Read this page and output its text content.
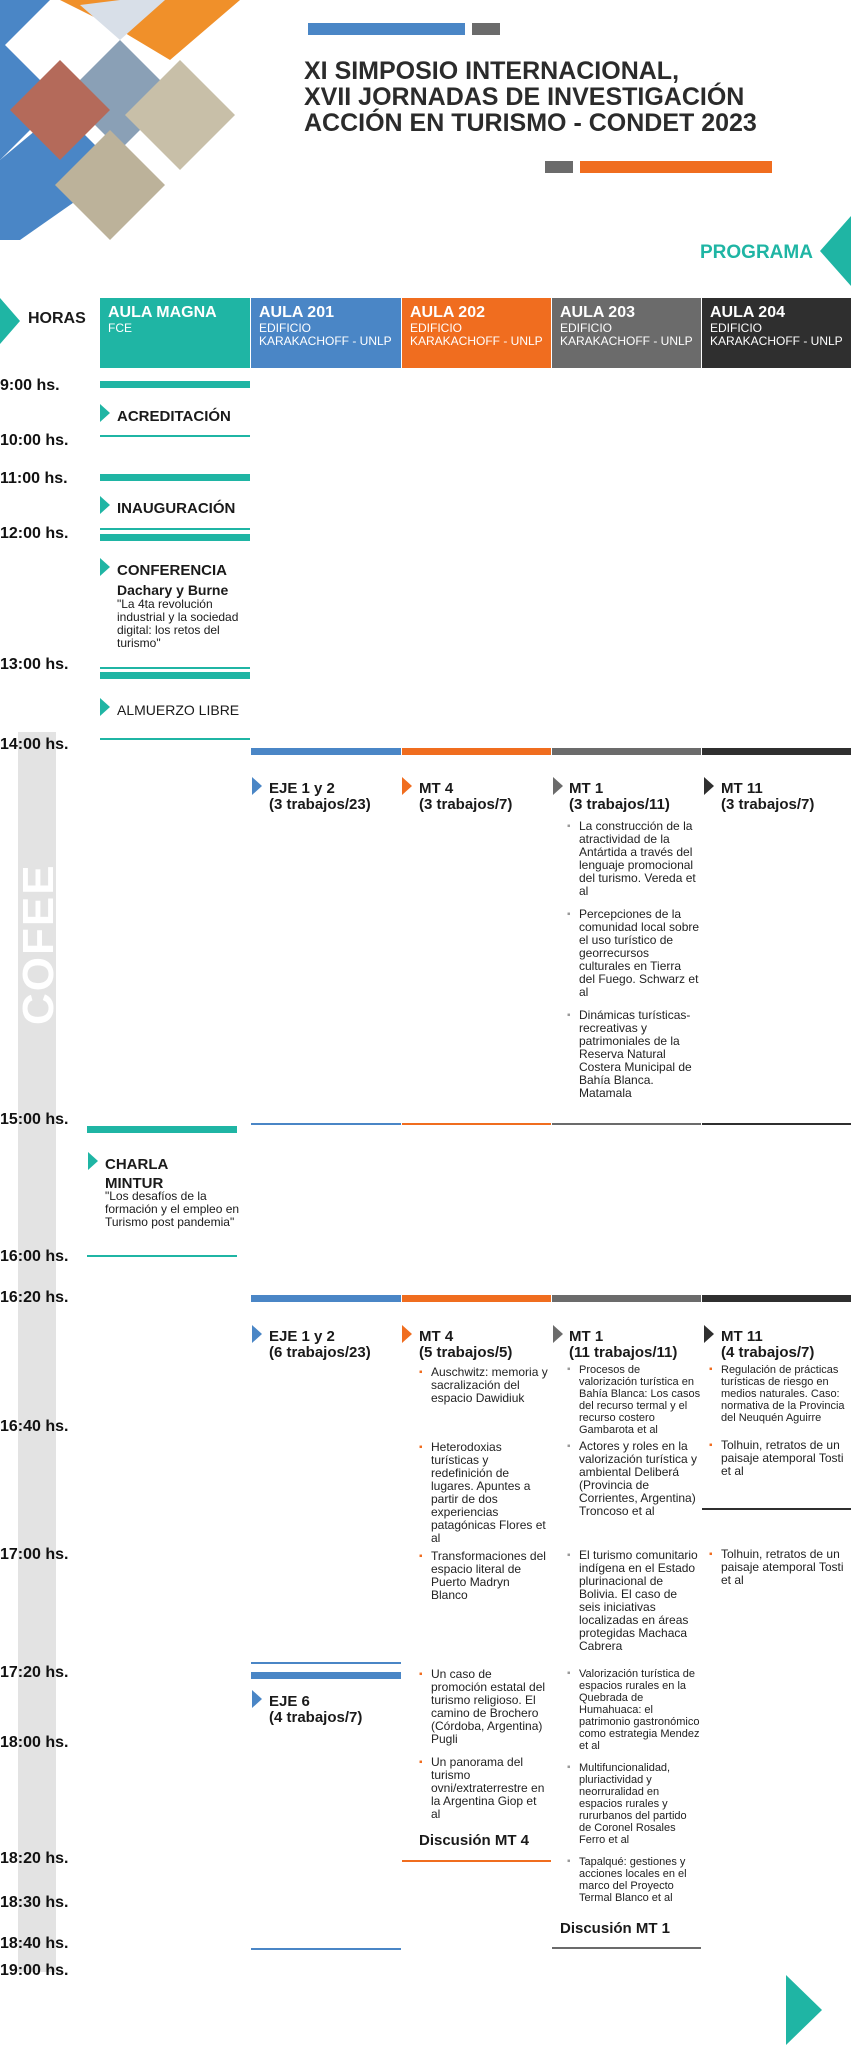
XI SIMPOSIO INTERNACIONAL,
XVII JORNADAS DE INVESTIGACIÓN
ACCIÓN EN TURISMO - CONDET 2023
PROGRAMA
HORAS AULA MAGNA
FCE
AULA 201
EDIFICIO KARAKACHOFF - UNLP
AULA 202
EDIFICIO KARAKACHOFF - UNLP
AULA 203
EDIFICIO KARAKACHOFF - UNLP
AULA 204
EDIFICIO KARAKACHOFF - UNLP
COFEE
9:00 hs.
10:00 hs.
11:00 hs.
12:00 hs.
13:00 hs.
14:00 hs.
15:00 hs.
16:00 hs.
16:20 hs.
16:40 hs.
17:00 hs.
17:20 hs.
18:00 hs.
18:20 hs.
18:30 hs.
18:40 hs.
19:00 hs.
ACREDITACIÓN
INAUGURACIÓN
CONFERENCIA
Dachary y Burne
"La 4ta revolución industrial y la sociedad digital: los retos del turismo"
ALMUERZO LIBRE
CHARLA MINTUR
"Los desafíos de la formación y el empleo en Turismo post pandemia"
EJE 1 y 2
(3 trabajos/23)
MT 4
(3 trabajos/7)
MT 1
(3 trabajos/11)
MT 11
(3 trabajos/7)
▪ La construcción de la atractividad de la Antártida a través del lenguaje promocional del turismo. Vereda et al
▪ Percepciones de la comunidad local sobre el uso turístico de georrecursos culturales en Tierra del Fuego. Schwarz et al
▪ Dinámicas turísticas-recreativas y patrimoniales de la Reserva Natural Costera Municipal de Bahía Blanca. Matamala
EJE 1 y 2
(6 trabajos/23)
MT 4
(5 trabajos/5)
MT 1
(11 trabajos/11)
MT 11
(4 trabajos/7)
▪ Auschwitz: memoria y sacralización del espacio Dawidiuk
▪ Heterodoxias turísticas y redefinición de lugares. Apuntes a partir de dos experiencias patagónicas Flores et al
▪ Transformaciones del espacio literal de Puerto Madryn Blanco
▪ Un caso de promoción estatal del turismo religioso. El camino de Brochero (Córdoba, Argentina) Pugli
▪ Un panorama del turismo ovni/extraterrestre en la Argentina Giop et al
Discusión MT 4
▪ Procesos de valorización turística en Bahía Blanca: Los casos del recurso termal y el recurso costero Gambarota et al
▪ Actores y roles en la valorización turística y ambiental Deliberá (Provincia de Corrientes, Argentina) Troncoso et al
▪ El turismo comunitario indígena en el Estado plurinacional de Bolivia. El caso de seis iniciativas localizadas en áreas protegidas Machaca Cabrera
▪ Valorización turística de espacios rurales en la Quebrada de Humahuaca: el patrimonio gastronómico como estrategia Mendez et al
▪ Multifuncionalidad, pluriactividad y neorruralidad en espacios rurales y rururbanos del partido de Coronel Rosales Ferro et al
▪ Tapalqué: gestiones y acciones locales en el marco del Proyecto Termal Blanco et al
Discusión MT 1
▪ Regulación de prácticas turísticas de riesgo en medios naturales. Caso: normativa de la Provincia del Neuquén Aguirre
▪ Tolhuin, retratos de un paisaje atemporal Tosti et al
▪ Tolhuin, retratos de un paisaje atemporal Tosti et al
EJE 6
(4 trabajos/7)
